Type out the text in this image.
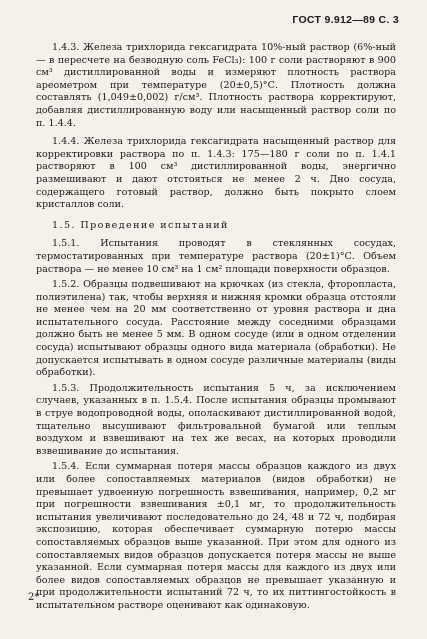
ГОСТ 9.912—89 С. 3

1.4.3. Железа трихлорида гексагидрата 10%-ный раствор (6%-ный — в пересчете на безводную соль FeCl₃): 100 г соли растворяют в 900 см³ дистиллированной воды и измеряют плотность раствора ареометром при температуре (20±0,5)°С. Плотность должна составлять (1,049±0,002) г/см³. Плотность раствора корректируют, добавляя дистиллированную воду или насыщенный раствор соли по п. 1.4.4.

1.4.4. Железа трихлорида гексагидрата насыщенный раствор для корректировки раствора по п. 1.4.3: 175—180 г соли по п. 1.4.1 растворяют в 100 см³ дистиллированной воды, энергично размешивают и дают отстояться не менее 2 ч. Дно сосуда, содержащего готовый раствор, должно быть покрыто слоем кристаллов соли.

1.5. Проведение испытаний

1.5.1. Испытания проводят в стеклянных сосудах, термостатированных при температуре раствора (20±1)°С. Объем раствора — не менее 10 см³ на 1 см² площади поверхности образцов.

1.5.2. Образцы подвешивают на крючках (из стекла, фторопласта, полиэтилена) так, чтобы верхняя и нижняя кромки образца отстояли не менее чем на 20 мм соответственно от уровня раствора и дна испытательного сосуда. Расстояние между соседними образцами должно быть не менее 5 мм. В одном сосуде (или в одном отделении сосуда) испытывают образцы одного вида материала (обработки). Не допускается испытывать в одном сосуде различные материалы (виды обработки).

1.5.3. Продолжительность испытания 5 ч, за исключением случаев, указанных в п. 1.5.4. После испытания образцы промывают в струе водопроводной воды, ополаскивают дистиллированной водой, тщательно высушивают фильтровальной бумагой или теплым воздухом и взвешивают на тех же весах, на которых проводили взвешивание до испытания.

1.5.4. Если суммарная потеря массы образцов каждого из двух или более сопоставляемых материалов (видов обработки) не превышает удвоенную погрешность взвешивания, например, 0,2 мг при погрешности взвешивания ±0,1 мг, то продолжительность испытания увеличивают последовательно до 24, 48 и 72 ч, подбирая экспозицию, которая обеспечивает суммарную потерю массы сопоставляемых образцов выше указанной. При этом для одного из сопоставляемых видов образцов допускается потеря массы не выше указанной. Если суммарная потеря массы для каждого из двух или более видов сопоставляемых образцов не превышает указанную и при продолжительности испытаний 72 ч, то их питтингостойкость в испытательном растворе оценивают как одинаковую.

2*
